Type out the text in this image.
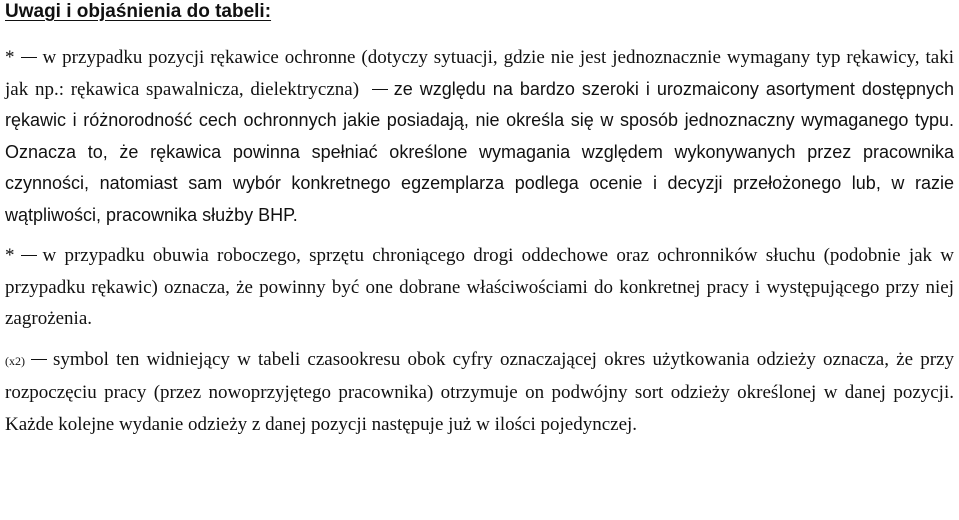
Uwagi i objaśnienia do tabeli:

* w przypadku pozycji rękawice ochronne (dotyczy sytuacji, gdzie nie jest jednoznacznie wymagany typ rękawicy, taki jak np.: rękawica spawalnicza, dielektryczna) ze względu na bardzo szeroki i urozmaicony asortyment dostępnych rękawic i różnorodność cech ochronnych jakie posiadają, nie określa się w sposób jednoznaczny wymaganego typu. Oznacza to, że rękawica powinna spełniać określone wymagania względem wykonywanych przez pracownika czynności, natomiast sam wybór konkretnego egzemplarza podlega ocenie i decyzji przełożonego lub, w razie wątpliwości, pracownika służby BHP.

* w przypadku obuwia roboczego, sprzętu chroniącego drogi oddechowe oraz ochronników słuchu (podobnie jak w przypadku rękawic) oznacza, że powinny być one dobrane właściwościami do konkretnej pracy i występującego przy niej zagrożenia.

(x2) symbol ten widniejący w tabeli czasookresu obok cyfry oznaczającej okres użytkowania odzieży oznacza, że przy rozpoczęciu pracy (przez nowoprzyjętego pracownika) otrzymuje on podwójny sort odzieży określonej w danej pozycji. Każde kolejne wydanie odzieży z danej pozycji następuje już w ilości pojedynczej.
